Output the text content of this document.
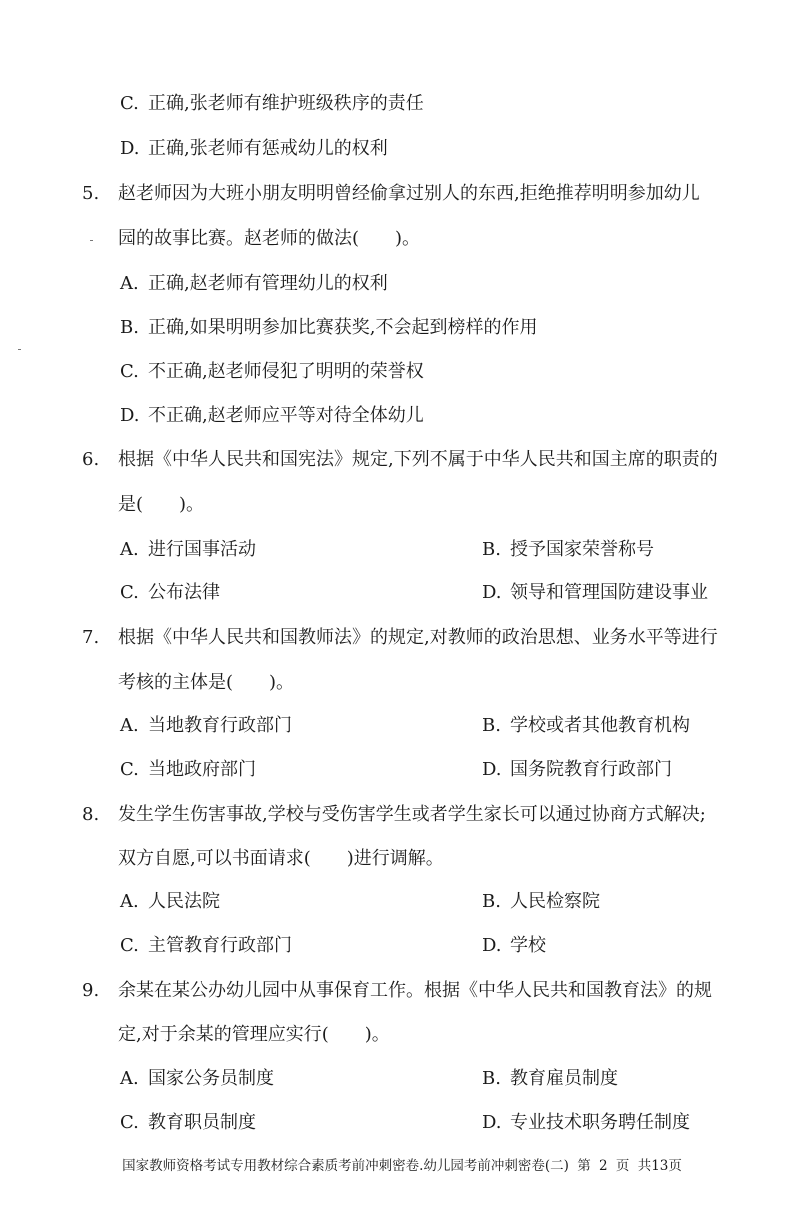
C. 正确,张老师有维护班级秩序的责任
D. 正确,张老师有惩戒幼儿的权利
5. 赵老师因为大班小朋友明明曾经偷拿过别人的东西,拒绝推荐明明参加幼儿
园的故事比赛。赵老师的做法(　　)。
A. 正确,赵老师有管理幼儿的权利
B. 正确,如果明明参加比赛获奖,不会起到榜样的作用
C. 不正确,赵老师侵犯了明明的荣誉权
D. 不正确,赵老师应平等对待全体幼儿
6. 根据《中华人民共和国宪法》规定,下列不属于中华人民共和国主席的职责的
是(　　)。
A. 进行国事活动	B. 授予国家荣誉称号
C. 公布法律	D. 领导和管理国防建设事业
7. 根据《中华人民共和国教师法》的规定,对教师的政治思想、业务水平等进行
考核的主体是(　　)。
A. 当地教育行政部门	B. 学校或者其他教育机构
C. 当地政府部门	D. 国务院教育行政部门
8. 发生学生伤害事故,学校与受伤害学生或者学生家长可以通过协商方式解决;
双方自愿,可以书面请求(　　)进行调解。
A. 人民法院	B. 人民检察院
C. 主管教育行政部门	D. 学校
9. 余某在某公办幼儿园中从事保育工作。根据《中华人民共和国教育法》的规
定,对于余某的管理应实行(　　)。
A. 国家公务员制度	B. 教育雇员制度
C. 教育职员制度	D. 专业技术职务聘任制度
国家教师资格考试专用教材综合素质考前冲刺密卷.幼儿园考前冲刺密卷(二) 第 2 页 共13页
